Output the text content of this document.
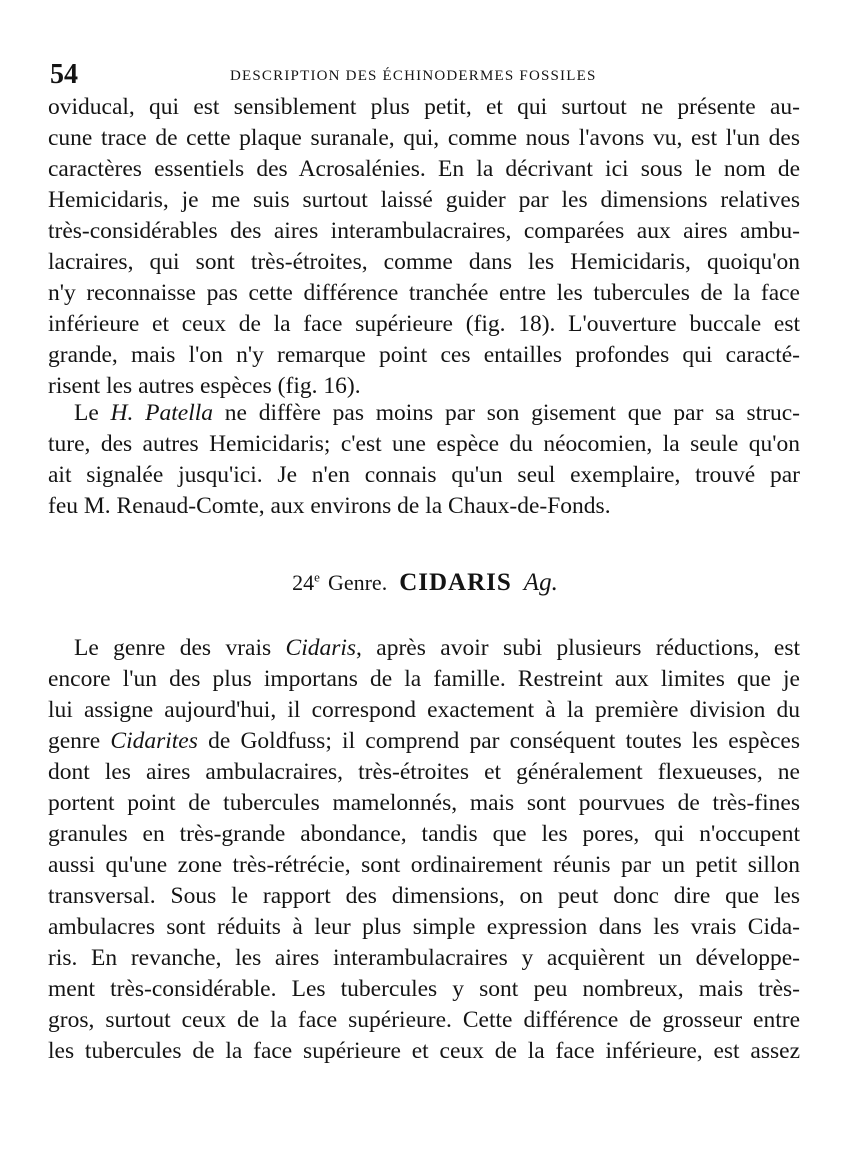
54	DESCRIPTION DES ÉCHINODERMES FOSSILES
oviducal, qui est sensiblement plus petit, et qui surtout ne présente au-
cune trace de cette plaque suranale, qui, comme nous l'avons vu, est l'un des
caractères essentiels des Acrosalénies. En la décrivant ici sous le nom de
Hemicidaris, je me suis surtout laissé guider par les dimensions relatives
très-considérables des aires interambulacraires, comparées aux aires ambu-
lacraires, qui sont très-étroites, comme dans les Hemicidaris, quoiqu'on
n'y reconnaisse pas cette différence tranchée entre les tubercules de la face
inférieure et ceux de la face supérieure (fig. 18). L'ouverture buccale est
grande, mais l'on n'y remarque point ces entailles profondes qui caracté-
risent les autres espèces (fig. 16).
Le H. Patella ne diffère pas moins par son gisement que par sa struc-
ture, des autres Hemicidaris; c'est une espèce du néocomien, la seule qu'on
ait signalée jusqu'ici. Je n'en connais qu'un seul exemplaire, trouvé par
feu M. Renaud-Comte, aux environs de la Chaux-de-Fonds.
24e Genre. CIDARIS Ag.
Le genre des vrais Cidaris, après avoir subi plusieurs réductions, est
encore l'un des plus importans de la famille. Restreint aux limites que je
lui assigne aujourd'hui, il correspond exactement à la première division du
genre Cidarites de Goldfuss; il comprend par conséquent toutes les espèces
dont les aires ambulacraires, très-étroites et généralement flexueuses, ne
portent point de tubercules mamelonnés, mais sont pourvues de très-fines
granules en très-grande abondance, tandis que les pores, qui n'occupent
aussi qu'une zone très-rétrécie, sont ordinairement réunis par un petit sillon
transversal. Sous le rapport des dimensions, on peut donc dire que les
ambulacres sont réduits à leur plus simple expression dans les vrais Cida-
ris. En revanche, les aires interambulacraires y acquièrent un développe-
ment très-considérable. Les tubercules y sont peu nombreux, mais très-
gros, surtout ceux de la face supérieure. Cette différence de grosseur entre
les tubercules de la face supérieure et ceux de la face inférieure, est assez
